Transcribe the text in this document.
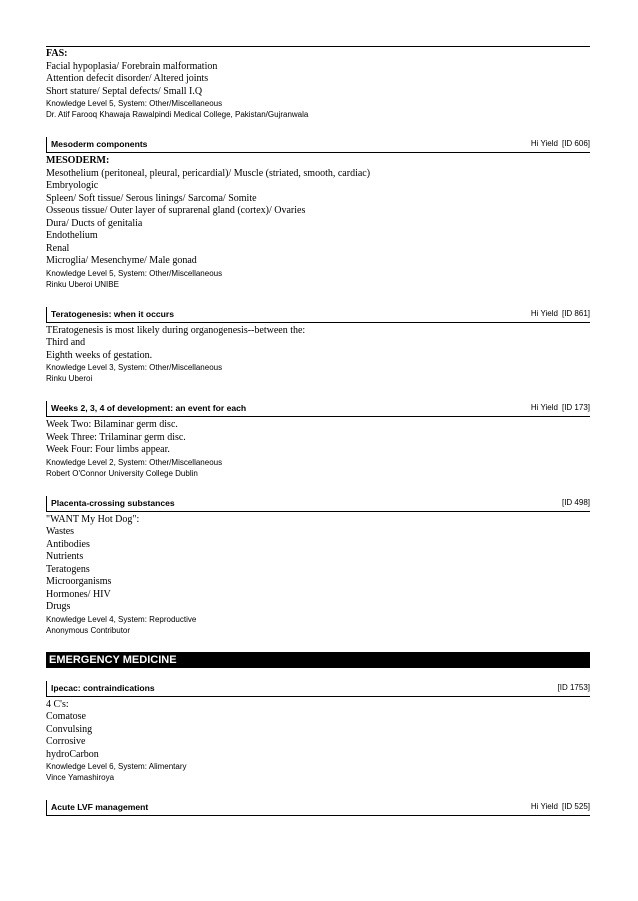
FAS:
Facial hypoplasia/ Forebrain malformation
Attention defecit disorder/ Altered joints
Short stature/ Septal defects/ Small I.Q
Knowledge Level 5, System: Other/Miscellaneous
Dr. Atif Farooq Khawaja Rawalpindi Medical College, Pakistan/Gujranwala
Mesoderm components	Hi Yield [ID 606]
MESODERM:
Mesothelium (peritoneal, pleural, pericardial)/ Muscle (striated, smooth, cardiac)
Embryologic
Spleen/ Soft tissue/ Serous linings/ Sarcoma/ Somite
Osseous tissue/ Outer layer of suprarenal gland (cortex)/ Ovaries
Dura/ Ducts of genitalia
Endothelium
Renal
Microglia/ Mesenchyme/ Male gonad
Knowledge Level 5, System: Other/Miscellaneous
Rinku Uberoi UNIBE
Teratogenesis: when it occurs	Hi Yield [ID 861]
TEratogenesis is most likely during organogenesis--between the:
Third and
Eighth weeks of gestation.
Knowledge Level 3, System: Other/Miscellaneous
Rinku Uberoi
Weeks 2, 3, 4 of development: an event for each	Hi Yield [ID 173]
Week Two: Bilaminar germ disc.
Week Three: Trilaminar germ disc.
Week Four: Four limbs appear.
Knowledge Level 2, System: Other/Miscellaneous
Robert O'Connor University College Dublin
Placenta-crossing substances	[ID 498]
"WANT My Hot Dog":
Wastes
Antibodies
Nutrients
Teratogens
Microorganisms
Hormones/ HIV
Drugs
Knowledge Level 4, System: Reproductive
Anonymous Contributor
EMERGENCY MEDICINE
Ipecac: contraindications	[ID 1753]
4 C's:
Comatose
Convulsing
Corrosive
hydroCarbon
Knowledge Level 6, System: Alimentary
Vince Yamashiroya
Acute LVF management	Hi Yield [ID 525]
